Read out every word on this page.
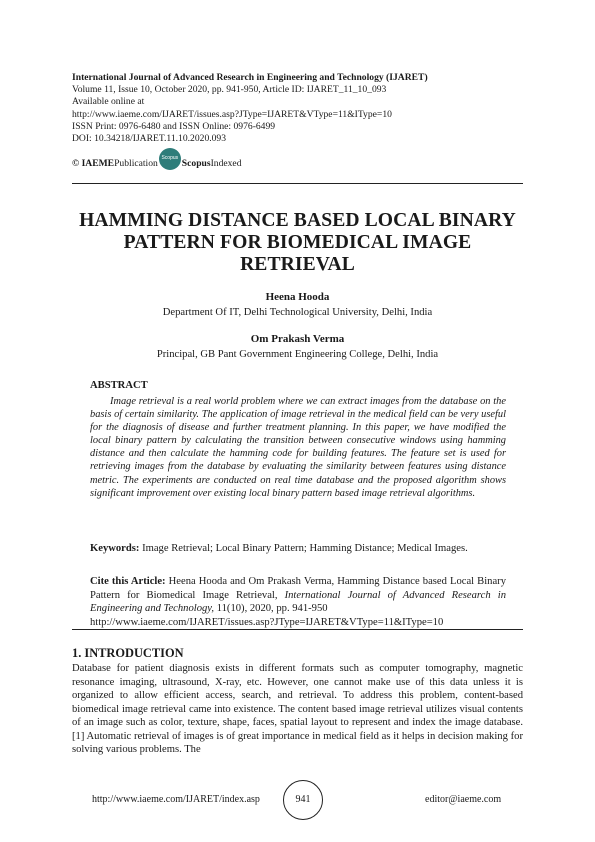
International Journal of Advanced Research in Engineering and Technology (IJARET)
Volume 11, Issue 10, October 2020, pp. 941-950, Article ID: IJARET_11_10_093
Available online at
http://www.iaeme.com/IJARET/issues.asp?JType=IJARET&VType=11&IType=10
ISSN Print: 0976-6480 and ISSN Online: 0976-6499
DOI: 10.34218/IJARET.11.10.2020.093
© IAEME Publication Scopus Scopus Indexed
HAMMING DISTANCE BASED LOCAL BINARY
PATTERN FOR BIOMEDICAL IMAGE
RETRIEVAL
Heena Hooda
Department Of IT, Delhi Technological University, Delhi, India
Om Prakash Verma
Principal, GB Pant Government Engineering College, Delhi, India
ABSTRACT
Image retrieval is a real world problem where we can extract images from the database on the basis of certain similarity. The application of image retrieval in the medical field can be very useful for the diagnosis of disease and further treatment planning. In this paper, we have modified the local binary pattern by calculating the transition between consecutive windows using hamming distance and then calculate the hamming code for building features. The feature set is used for retrieving images from the database by evaluating the similarity between features using distance metric. The experiments are conducted on real time database and the proposed algorithm shows significant improvement over existing local binary pattern based image retrieval algorithms.
Keywords: Image Retrieval; Local Binary Pattern; Hamming Distance; Medical Images.
Cite this Article: Heena Hooda and Om Prakash Verma, Hamming Distance based Local Binary Pattern for Biomedical Image Retrieval, International Journal of Advanced Research in Engineering and Technology, 11(10), 2020, pp. 941-950
http://www.iaeme.com/IJARET/issues.asp?JType=IJARET&VType=11&IType=10
1. INTRODUCTION
Database for patient diagnosis exists in different formats such as computer tomography, magnetic resonance imaging, ultrasound, X-ray, etc. However, one cannot make use of this data unless it is organized to allow efficient access, search, and retrieval. To address this problem, content-based biomedical image retrieval came into existence. The content based image retrieval utilizes visual contents of an image such as color, texture, shape, faces, spatial layout to represent and index the image database.[1] Automatic retrieval of images is of great importance in medical field as it helps in decision making for solving various problems. The
http://www.iaeme.com/IJARET/index.asp	941	editor@iaeme.com
